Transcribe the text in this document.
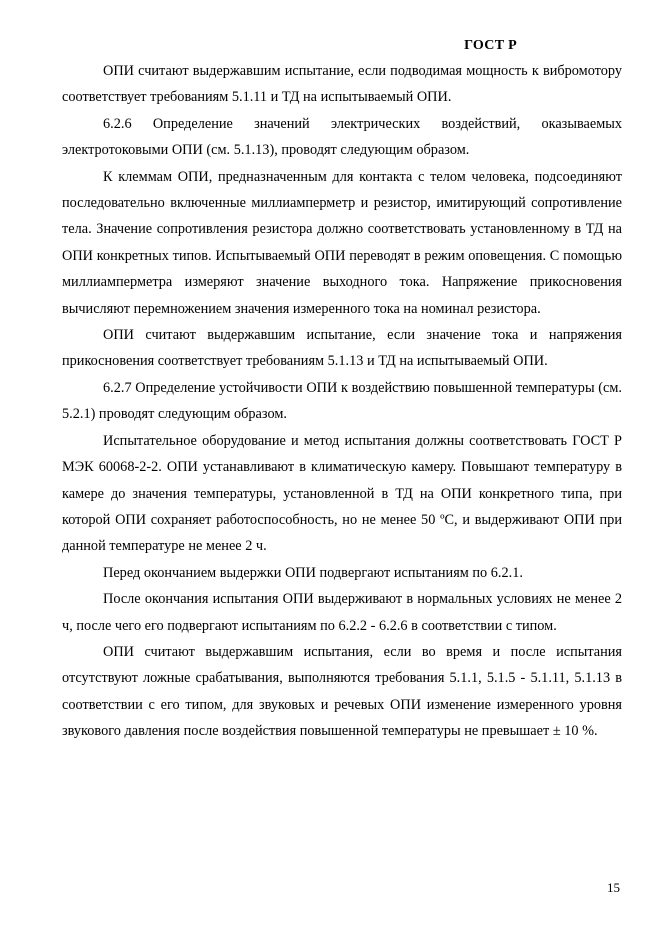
ГОСТ Р

ОПИ считают выдержавшим испытание, если подводимая мощность к вибромотору соответствует требованиям 5.1.11 и ТД на испытываемый ОПИ.

6.2.6 Определение значений электрических воздействий, оказываемых электротоковыми ОПИ (см. 5.1.13), проводят следующим образом.

К клеммам ОПИ, предназначенным для контакта с телом человека, подсоединяют последовательно включенные миллиамперметр и резистор, имитирующий сопротивление тела. Значение сопротивления резистора должно соответствовать установленному в ТД на ОПИ конкретных типов. Испытываемый ОПИ переводят в режим оповещения. С помощью миллиамперметра измеряют значение выходного тока. Напряжение прикосновения вычисляют перемножением значения измеренного тока на номинал резистора.

ОПИ считают выдержавшим испытание, если значение тока и напряжения прикосновения соответствует требованиям 5.1.13 и ТД на испытываемый ОПИ.

6.2.7 Определение устойчивости ОПИ к воздействию повышенной температуры (см. 5.2.1) проводят следующим образом.

Испытательное оборудование и метод испытания должны соответствовать ГОСТ Р МЭК 60068-2-2. ОПИ устанавливают в климатическую камеру. Повышают температуру в камере до значения температуры, установленной в ТД на ОПИ конкретного типа, при которой ОПИ сохраняет работоспособность, но не менее 50 ºС, и выдерживают ОПИ при данной температуре не менее 2 ч.

Перед окончанием выдержки ОПИ подвергают испытаниям по 6.2.1.

После окончания испытания ОПИ выдерживают в нормальных условиях не менее 2 ч, после чего его подвергают испытаниям по 6.2.2 - 6.2.6 в соответствии с типом.

ОПИ считают выдержавшим испытания, если во время и после испытания отсутствуют ложные срабатывания, выполняются требования 5.1.1, 5.1.5 - 5.1.11, 5.1.13 в соответствии с его типом, для звуковых и речевых ОПИ изменение измеренного уровня звукового давления после воздействия повышенной температуры не превышает ± 10 %.

15
